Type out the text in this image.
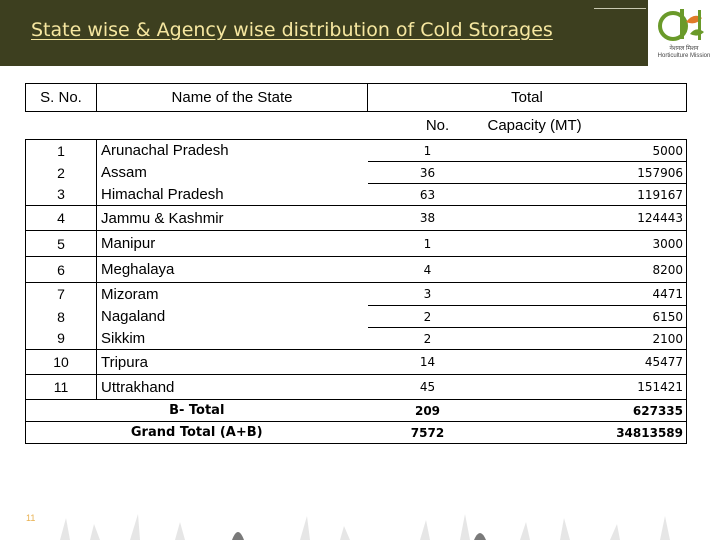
State wise & Agency wise distribution of Cold Storages
नेशनल मिशन
Horticulture Mission
S. No.	Name of the State	Total	
		No.	Capacity (MT)
1	Arunachal Pradesh	1	5000
2	Assam	36	157906
3	Himachal Pradesh	63	119167
4	Jammu & Kashmir	38	124443
5	Manipur	1	3000
6	Meghalaya	4	8200
7	Mizoram	3	4471
8	Nagaland	2	6150
9	Sikkim	2	2100
10	Tripura	14	45477
11	Uttrakhand	45	151421
B- Total		209	627335
Grand Total (A+B)		7572	34813589
11
